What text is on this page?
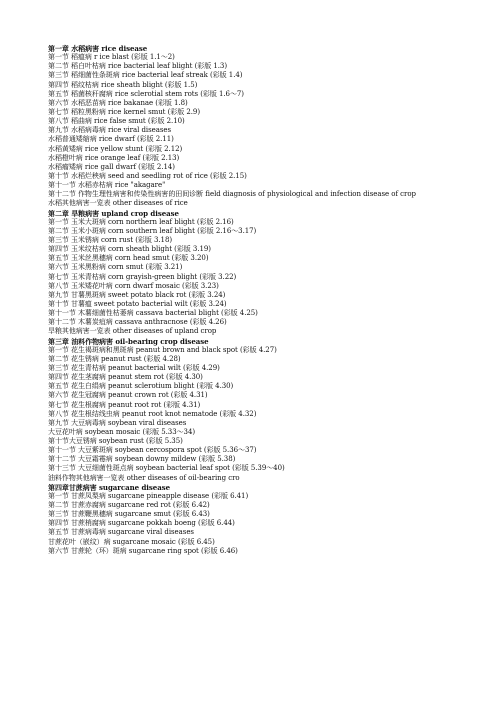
第一章 水稻病害 rice disease
第一节 稻瘟病 r ice blast (彩版 1.1～2)
第二节 稻白叶枯病 rice bacterial leaf blight (彩版 1.3)
第三节 稻细菌性条斑病 rice bacterial leaf streak (彩版 1.4)
第四节 稻纹枯病 rice sheath blight (彩版 1.5)
第五节 稻菌核秆腐病 rice sclerotial stem rots (彩版 1.6～7)
第六节 水稻恶苗病 rice bakanae (彩版 1.8)
第七节 稻粒黑粉病 rice kernel smut (彩版 2.9)
第八节 稻曲病 rice false smut (彩版 2.10)
第九节 水稻病毒病 rice viral diseases
水稻普通矮缩病 rice dwarf (彩版 2.11)
水稻黄矮病 rice yellow stunt (彩版 2.12)
水稻橙叶病 rice orange leaf (彩版 2.13)
水稻瘤矮病 rice gall dwarf (彩版 2.14)
第十节 水稻烂秧病 seed and seedling rot of rice (彩版 2.15)
第十一节 水稻赤枯病 rice "akagare"
第十二节 作物生理性病害和传染性病害的田间诊断 field diagnosis of physiological and infection disease of crop
水稻其他病害一览表 other diseases of rice
第二章 旱粮病害 upland crop disease
第一节 玉米大斑病 corn northern leaf blight (彩版 2.16)
第二节 玉米小斑病 corn southern leaf blight (彩版 2.16～3.17)
第三节 玉米锈病 corn rust (彩版 3.18)
第四节 玉米纹枯病 corn sheath blight (彩版 3.19)
第五节 玉米丝黑穗病 corn head smut (彩版 3.20)
第六节 玉米黑粉病 corn smut (彩版 3.21)
第七节 玉米青枯病 corn grayish-green blight (彩版 3.22)
第八节 玉米矮花叶病 corn dwarf mosaic (彩版 3.23)
第九节 甘薯黑斑病 sweet potato black rot (彩版 3.24)
第十节 甘薯瘟 sweet potato bacterial wilt (彩版 3.24)
第十一节 木薯细菌性枯萎病 cassava bacterial blight (彩版 4.25)
第十二节 木薯炭疽病 cassava anthracnose (彩版 4.26)
旱粮其他病害一览表 other diseases of upland crop
第三章 油料作物病害 oil-bearing crop disease
第一节 花生褐斑病和黑斑病 peanut brown and black spot (彩版 4.27)
第二节 花生锈病 peanut rust (彩版 4.28)
第三节 花生青枯病 peanut bacterial wilt (彩版 4.29)
第四节 花生茎腐病 peanut stem rot (彩版 4.30)
第五节 花生白绢病 peanut sclerotium blight (彩版 4.30)
第六节 花生冠腐病 peanut crown rot (彩版 4.31)
第七节 花生根腐病 peanut root rot (彩版 4.31)
第八节 花生根结线虫病 peanut root knot nematode (彩版 4.32)
第九节 大豆病毒病 soybean viral diseases
大豆花叶病 soybean mosaic (彩版 5.33～34)
第十节大豆锈病 soybean rust (彩版 5.35)
第十一节 大豆紫斑病 soybean cercospora spot (彩版 5.36～37)
第十二节 大豆霜霉病 soybean downy mildew (彩版 5.38)
第十三节 大豆细菌性斑点病 soybean bacterial leaf spot (彩版 5.39～40)
油料作物其他病害一览表 other diseases of oil-bearing cro
第四章甘蔗病害 sugarcane disease
第一节 甘蔗凤梨病 sugarcane pineapple disease (彩版 6.41)
第二节 甘蔗赤腐病 sugarcane red rot (彩版 6.42)
第三节 甘蔗鞭黑穗病 sugarcane smut (彩版 6.43)
第四节 甘蔗梢腐病 sugarcane pokkah boeng (彩版 6.44)
第五节 甘蔗病毒病 sugarcane viral diseases
甘蔗花叶（嵌纹）病 sugarcane mosaic (彩版 6.45)
第六节 甘蔗轮（环）斑病 sugarcane ring spot (彩版 6.46)
